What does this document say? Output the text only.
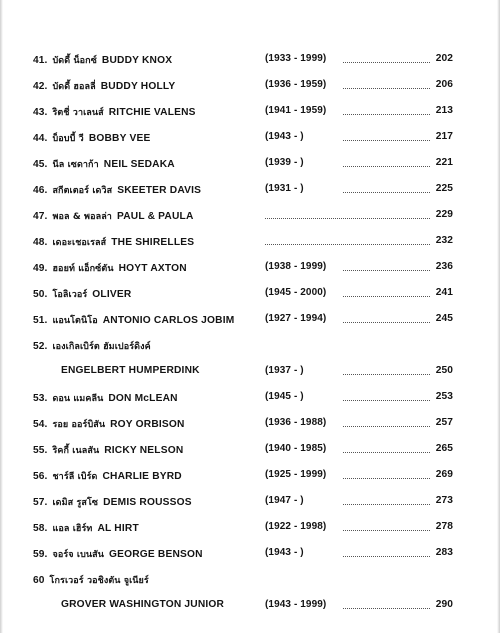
41. บัดดี้ น็อกซ์ BUDDY KNOX	(1933 - 1999)	202
42. บัดดี้ ฮอลลี่ BUDDY HOLLY	(1936 - 1959)	206
43. ริตชี่ วาเลนส์ RITCHIE VALENS	(1941 - 1959)	213
44. บ็อบบี้ วี BOBBY VEE	(1943 - )	217
45. นีล เซดาก้า NEIL SEDAKA	(1939 - )	221
46. สกีตเตอร์ เดวิส SKEETER DAVIS	(1931 - )	225
47. พอล & พอลล่า PAUL & PAULA	229
48. เดอะเชอเรลส์ THE SHIRELLES	232
49. ฮอยท์ แอ็กซ์ตัน HOYT AXTON	(1938 - 1999)	236
50. โอลิเวอร์ OLIVER	(1945 - 2000)	241
51. แอนโตนิโอ ANTONIO CARLOS JOBIM	(1927 - 1994)	245
52. เองเกิลเบิร์ต ฮัมเปอร์ดิงค์
ENGELBERT HUMPERDINK	(1937 - )	250
53. ดอน แมคลีน DON McLEAN	(1945 - )	253
54. รอย ออร์บิสัน ROY ORBISON	(1936 - 1988)	257
55. ริคกี้ เนลสัน RICKY NELSON	(1940 - 1985)	265
56. ชาร์ลี เบิร์ด CHARLIE BYRD	(1925 - 1999)	269
57. เดมิส รูสโซ DEMIS ROUSSOS	(1947 - )	273
58. แอล เฮิร์ท AL HIRT	(1922 - 1998)	278
59. จอร์จ เบนสัน GEORGE BENSON	(1943 - )	283
60 โกรเวอร์ วอชิงตัน จูเนียร์
GROVER WASHINGTON JUNIOR	(1943 - 1999)	290
